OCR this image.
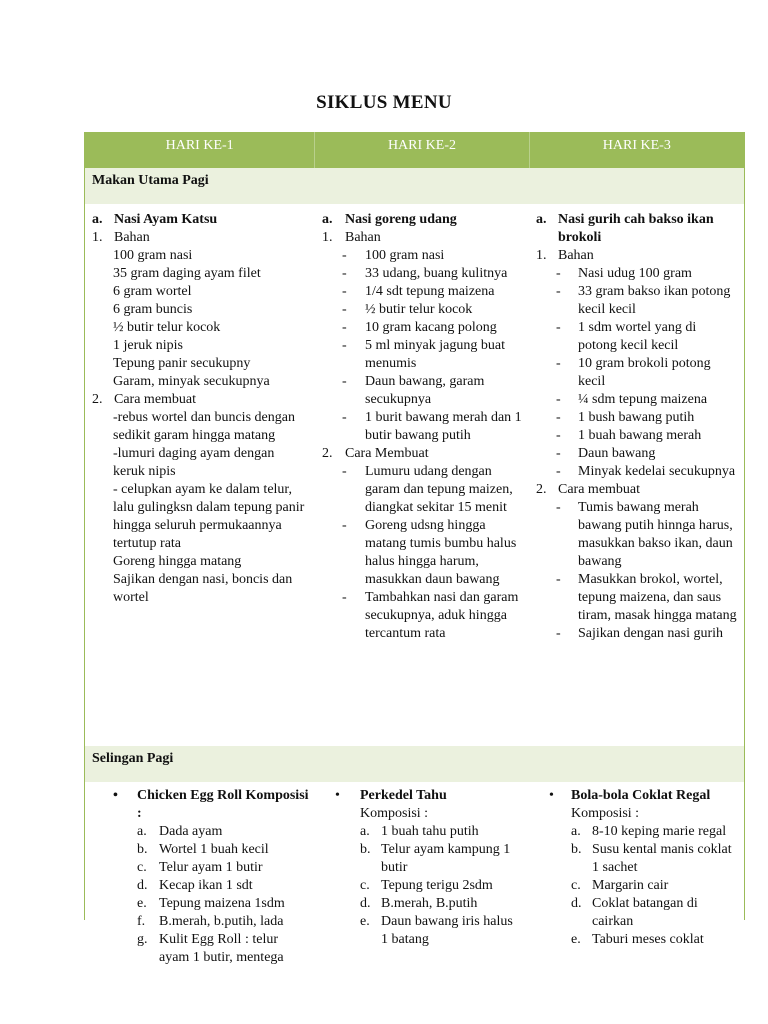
SIKLUS MENU
HARI KE-1	HARI KE-2	HARI KE-3
Makan Utama Pagi
a. Nasi Ayam Katsu
1. Bahan
100 gram nasi
35 gram daging ayam filet
6 gram wortel
6 gram buncis
½ butir telur kocok
1 jeruk nipis
Tepung panir secukupny
Garam, minyak secukupnya
2. Cara membuat
-rebus wortel dan buncis dengan sedikit garam hingga matang
-lumuri daging ayam dengan keruk nipis
- celupkan ayam ke dalam telur, lalu gulingksn dalam tepung panir hingga seluruh permukaannya tertutup rata
Goreng hingga matang
Sajikan dengan nasi, boncis dan wortel
a. Nasi goreng udang
1. Bahan
-	100 gram nasi
-	33 udang, buang kulitnya
-	1/4 sdt tepung maizena
-	½ butir telur kocok
-	10 gram kacang polong
-	5 ml minyak jagung buat menumis
-	Daun bawang, garam secukupnya
-	1 burit bawang merah dan 1 butir bawang putih
2. Cara Membuat
-	Lumuru udang dengan garam dan tepung maizen, diangkat sekitar 15 menit
-	Goreng udsng hingga matang tumis bumbu halus halus hingga harum, masukkan daun bawang
-	Tambahkan nasi dan garam secukupnya, aduk hingga tercantum rata
a. Nasi gurih cah bakso ikan brokoli
1. Bahan
-	Nasi udug 100 gram
-	33 gram bakso ikan potong kecil kecil
-	1 sdm wortel yang di potong kecil kecil
-	10 gram brokoli potong kecil
-	¼ sdm tepung maizena
-	1 bush bawang putih
-	1 buah bawang merah
-	Daun bawang
-	Minyak kedelai secukupnya
2. Cara membuat
-	Tumis bawang merah bawang putih hinnga harus, masukkan bakso ikan, daun bawang
-	Masukkan brokol, wortel, tepung maizena, dan saus tiram, masak hingga matang
-	Sajikan dengan nasi gurih
Selingan Pagi
•	Chicken Egg Roll Komposisi :
a. Dada ayam
b. Wortel 1 buah kecil
c. Telur ayam 1 butir
d. Kecap ikan 1 sdt
e. Tepung maizena 1sdm
f. B.merah, b.putih, lada
g. Kulit Egg Roll : telur ayam 1 butir, mentega
•	Perkedel Tahu
Komposisi :
a. 1 buah tahu putih
b. Telur ayam kampung 1 butir
c. Tepung terigu 2sdm
d. B.merah, B.putih
e. Daun bawang iris halus 1 batang
•	Bola-bola Coklat Regal
Komposisi :
a. 8-10 keping marie regal
b. Susu kental manis coklat 1 sachet
c. Margarin cair
d. Coklat batangan di cairkan
e. Taburi meses coklat
